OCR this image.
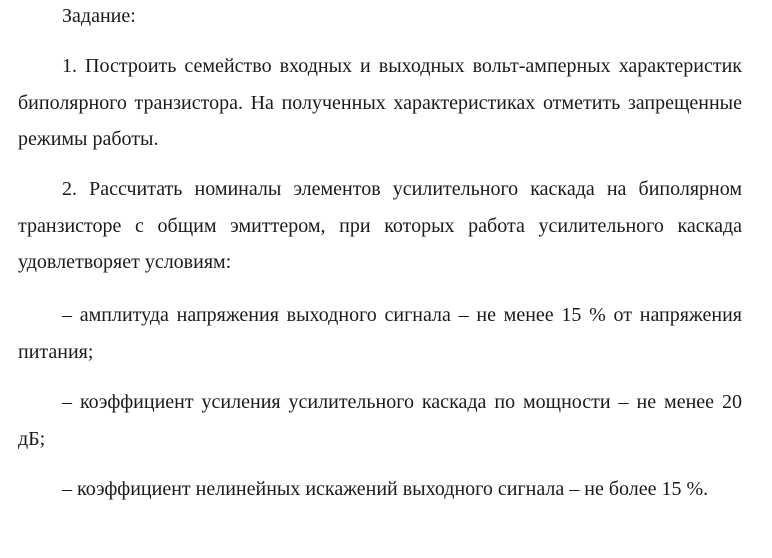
Задание:

1. Построить семейство входных и выходных вольт-амперных характеристик биполярного транзистора. На полученных характеристиках отметить запрещенные режимы работы.

2. Рассчитать номиналы элементов усилительного каскада на биполярном транзисторе с общим эмиттером, при которых работа усилительного каскада удовлетворяет условиям:

– амплитуда напряжения выходного сигнала – не менее 15 % от напряжения питания;

– коэффициент усиления усилительного каскада по мощности – не менее 20 дБ;

– коэффициент нелинейных искажений выходного сигнала – не более 15 %.
